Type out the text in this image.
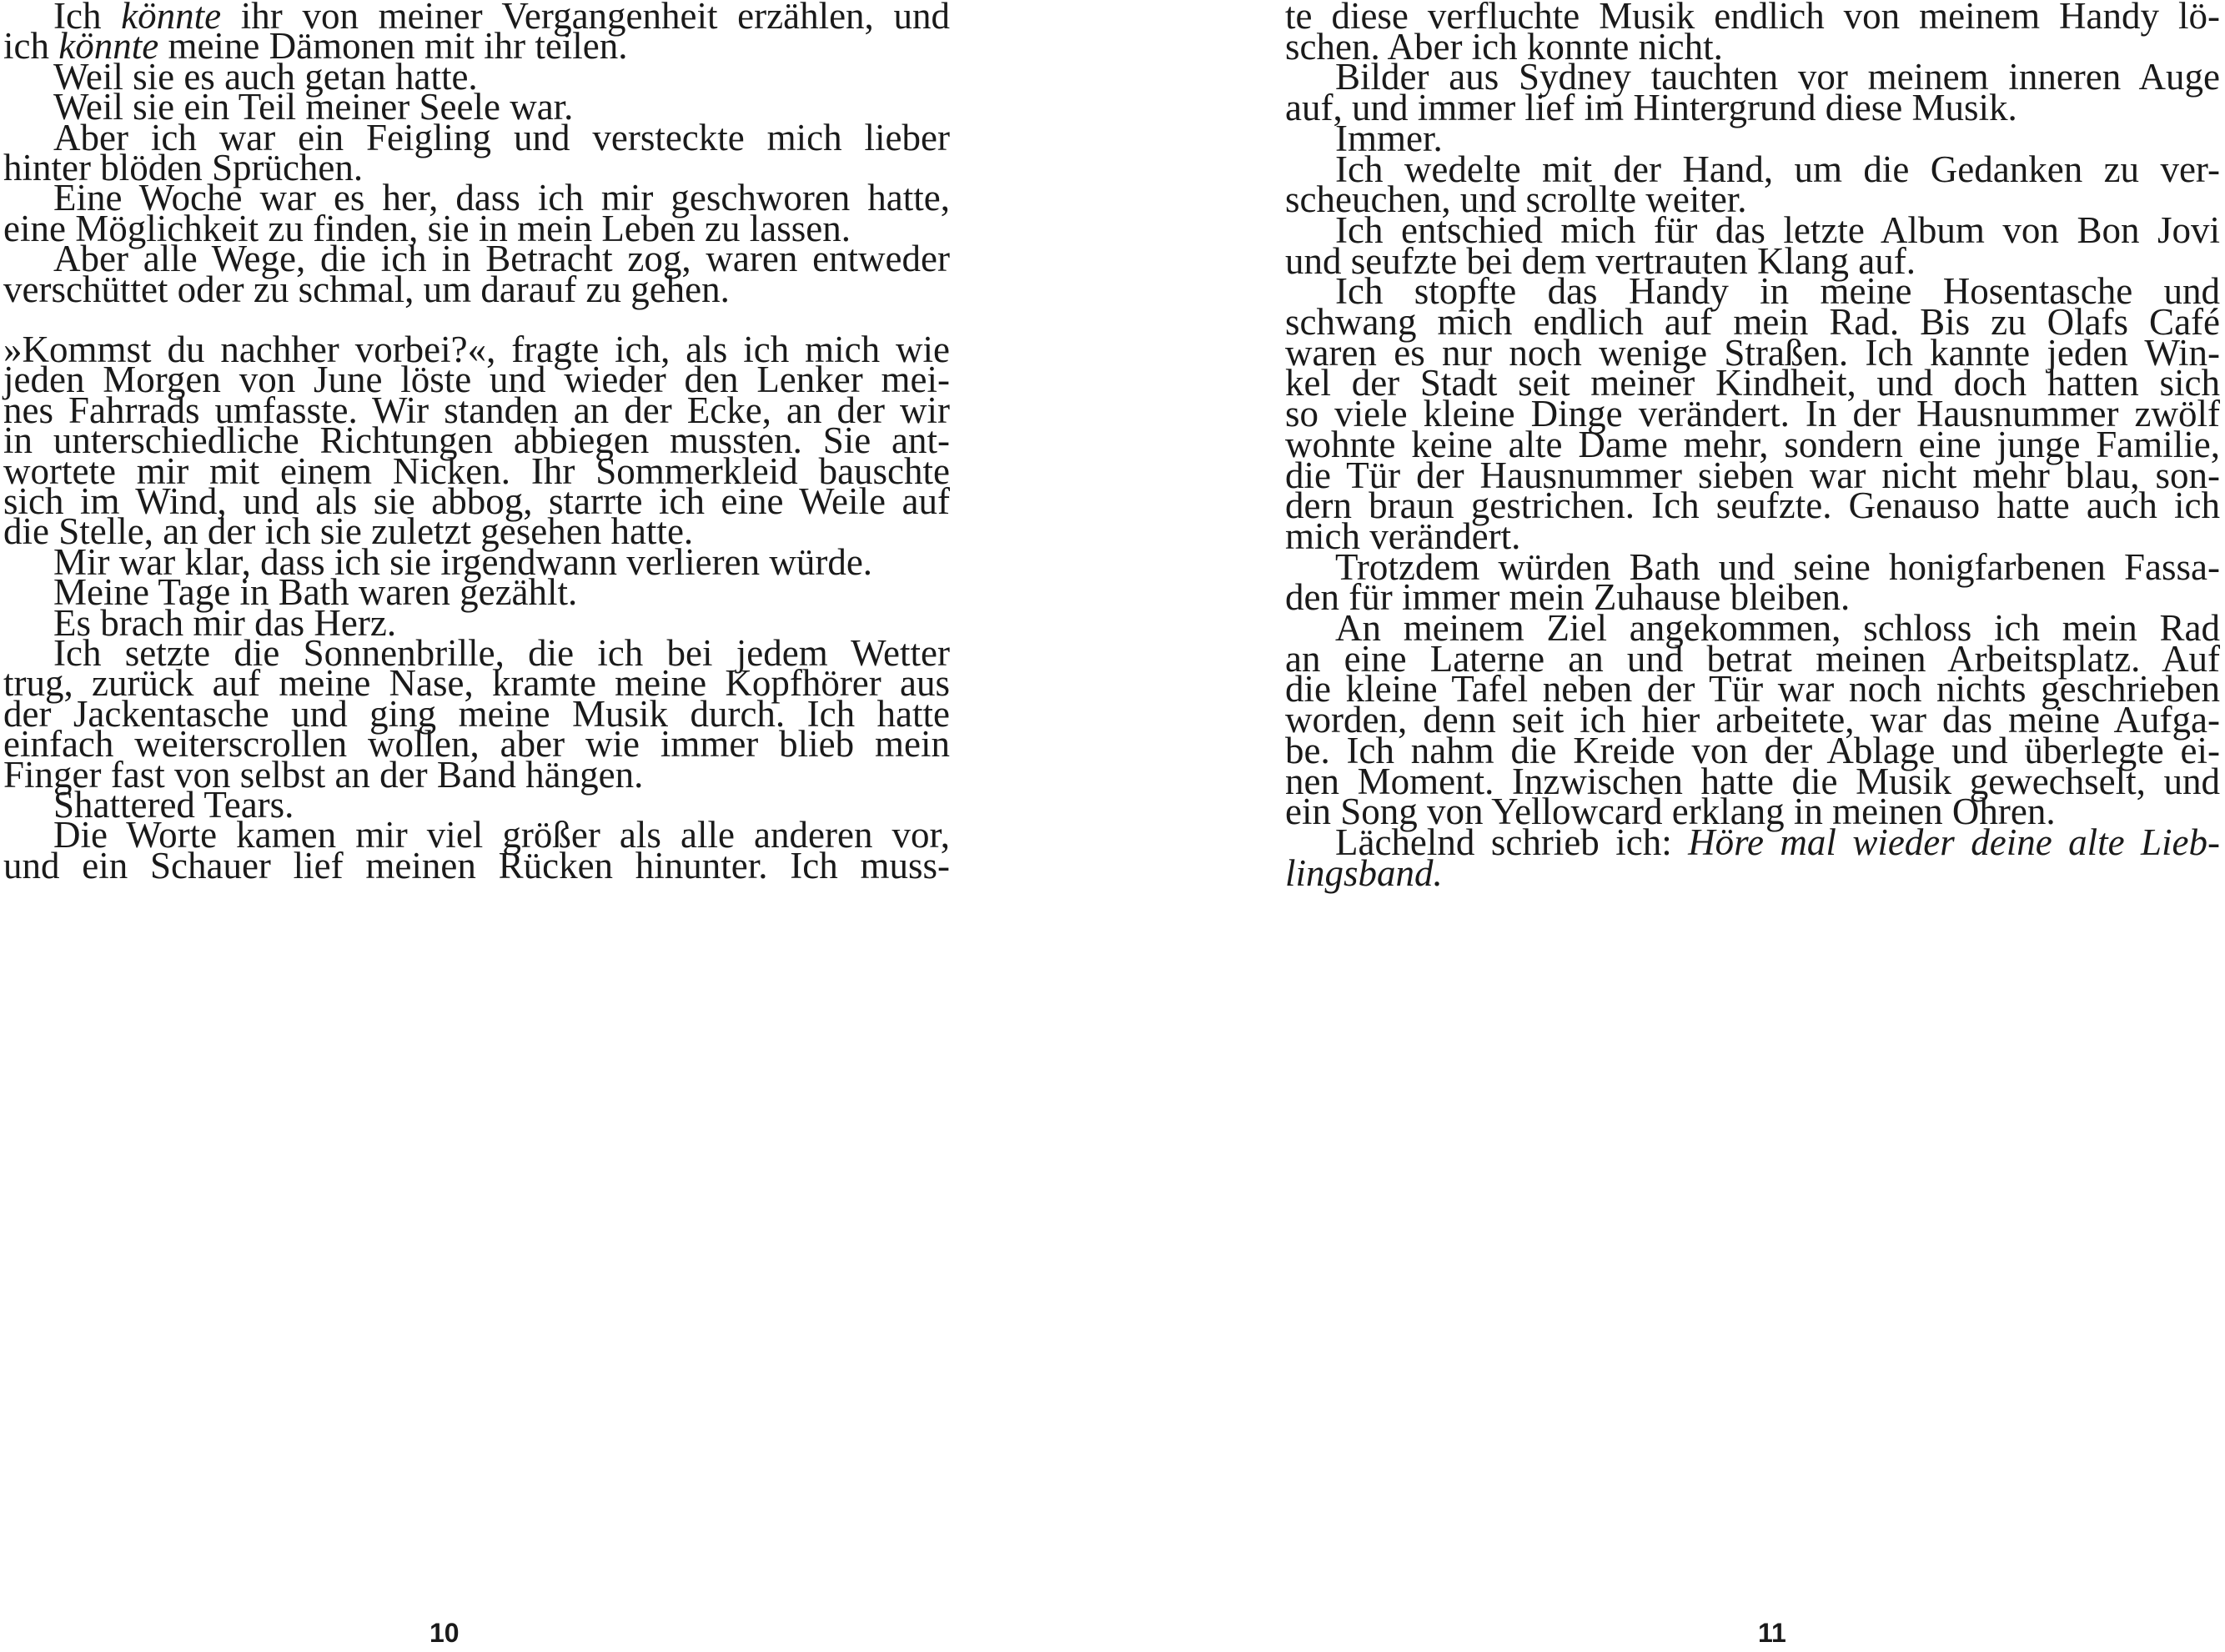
Ich könnte ihr von meiner Vergangenheit erzählen, und
ich könnte meine Dämonen mit ihr teilen.
Weil sie es auch getan hatte.
Weil sie ein Teil meiner Seele war.
Aber ich war ein Feigling und versteckte mich lieber
hinter blöden Sprüchen.
Eine Woche war es her, dass ich mir geschworen hatte,
eine Möglichkeit zu finden, sie in mein Leben zu lassen.
Aber alle Wege, die ich in Betracht zog, waren entweder
verschüttet oder zu schmal, um darauf zu gehen.
»Kommst du nachher vorbei?«, fragte ich, als ich mich wie
jeden Morgen von June löste und wieder den Lenker mei-
nes Fahrrads umfasste. Wir standen an der Ecke, an der wir
in unterschiedliche Richtungen abbiegen mussten. Sie ant-
wortete mir mit einem Nicken. Ihr Sommerkleid bauschte
sich im Wind, und als sie abbog, starrte ich eine Weile auf
die Stelle, an der ich sie zuletzt gesehen hatte.
Mir war klar, dass ich sie irgendwann verlieren würde.
Meine Tage in Bath waren gezählt.
Es brach mir das Herz.
Ich setzte die Sonnenbrille, die ich bei jedem Wetter
trug, zurück auf meine Nase, kramte meine Kopfhörer aus
der Jackentasche und ging meine Musik durch. Ich hatte
einfach weiterscrollen wollen, aber wie immer blieb mein
Finger fast von selbst an der Band hängen.
Shattered Tears.
Die Worte kamen mir viel größer als alle anderen vor,
und ein Schauer lief meinen Rücken hinunter. Ich muss-
10
te diese verfluchte Musik endlich von meinem Handy lö-
schen. Aber ich konnte nicht.
Bilder aus Sydney tauchten vor meinem inneren Auge
auf, und immer lief im Hintergrund diese Musik.
Immer.
Ich wedelte mit der Hand, um die Gedanken zu ver-
scheuchen, und scrollte weiter.
Ich entschied mich für das letzte Album von Bon Jovi
und seufzte bei dem vertrauten Klang auf.
Ich stopfte das Handy in meine Hosentasche und
schwang mich endlich auf mein Rad. Bis zu Olafs Café
waren es nur noch wenige Straßen. Ich kannte jeden Win-
kel der Stadt seit meiner Kindheit, und doch hatten sich
so viele kleine Dinge verändert. In der Hausnummer zwölf
wohnte keine alte Dame mehr, sondern eine junge Familie,
die Tür der Hausnummer sieben war nicht mehr blau, son-
dern braun gestrichen. Ich seufzte. Genauso hatte auch ich
mich verändert.
Trotzdem würden Bath und seine honigfarbenen Fassa-
den für immer mein Zuhause bleiben.
An meinem Ziel angekommen, schloss ich mein Rad
an eine Laterne an und betrat meinen Arbeitsplatz. Auf
die kleine Tafel neben der Tür war noch nichts geschrieben
worden, denn seit ich hier arbeitete, war das meine Aufga-
be. Ich nahm die Kreide von der Ablage und überlegte ei-
nen Moment. Inzwischen hatte die Musik gewechselt, und
ein Song von Yellowcard erklang in meinen Ohren.
Lächelnd schrieb ich: Höre mal wieder deine alte Lieb-
lingsband.
11
